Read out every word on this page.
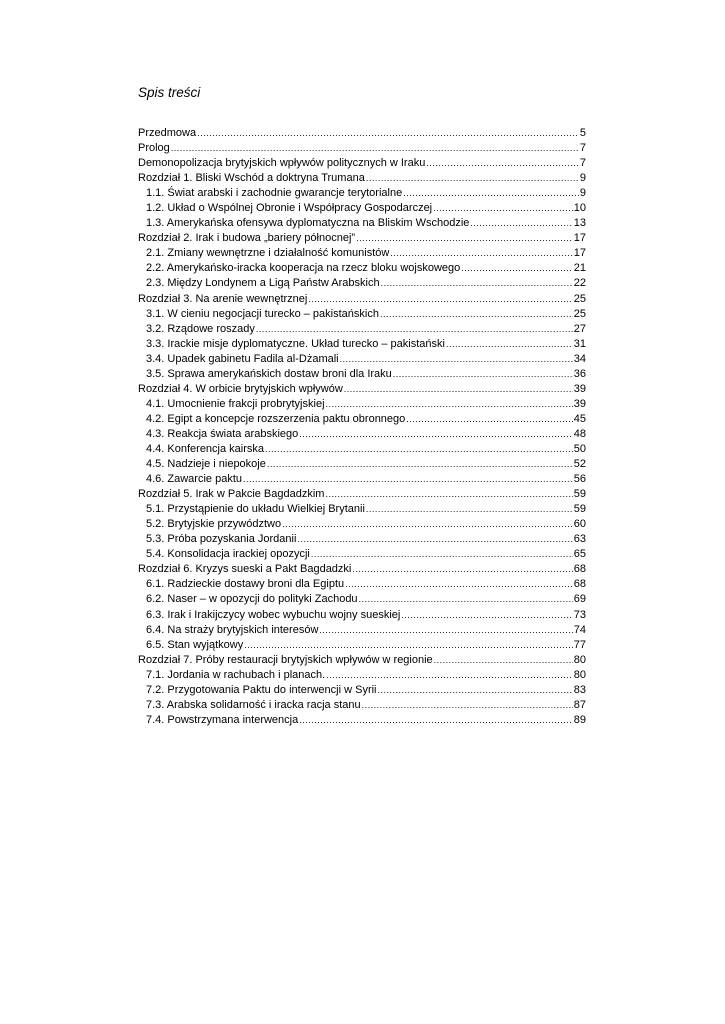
Spis treści
Przedmowa .....	5
Prolog .....	7
Demonopolizacja brytyjskich wpływów politycznych w Iraku .....	7
Rozdział 1. Bliski Wschód a doktryna Trumana .....	9
1.1. Świat arabski i zachodnie gwarancje terytorialne .....	9
1.2. Układ o Wspólnej Obronie i Współpracy Gospodarczej .....	10
1.3. Amerykańska ofensywa dyplomatyczna na Bliskim Wschodzie .....	13
Rozdział 2. Irak i budowa „bariery północnej” .....	17
2.1. Zmiany wewnętrzne i działalność komunistów .....	17
2.2. Amerykańsko-iracka kooperacja na rzecz bloku wojskowego .....	21
2.3. Między Londynem a Ligą Państw Arabskich .....	22
Rozdział 3. Na arenie wewnętrznej .....	25
3.1. W cieniu negocjacji turecko – pakistańskich .....	25
3.2. Rządowe roszady .....	27
3.3. Irackie misje dyplomatyczne. Układ turecko – pakistański .....	31
3.4. Upadek gabinetu Fadila al-Dżamali .....	34
3.5. Sprawa amerykańskich dostaw broni dla Iraku .....	36
Rozdział 4. W orbicie brytyjskich wpływów .....	39
4.1. Umocnienie frakcji probrytyjskiej .....	39
4.2. Egipt a koncepcje rozszerzenia paktu obronnego .....	45
4.3. Reakcja świata arabskiego .....	48
4.4. Konferencja kairska .....	50
4.5. Nadzieje i niepokoje .....	52
4.6. Zawarcie paktu .....	56
Rozdział 5. Irak w Pakcie Bagdadzkim .....	59
5.1. Przystąpienie do układu Wielkiej Brytanii .....	59
5.2. Brytyjskie przywództwo .....	60
5.3. Próba pozyskania Jordanii .....	63
5.4. Konsolidacja irackiej opozycji .....	65
Rozdział 6. Kryzys sueski a Pakt Bagdadzki .....	68
6.1. Radzieckie dostawy broni dla Egiptu .....	68
6.2. Naser – w opozycji do polityki Zachodu .....	69
6.3. Irak i Irakijczycy wobec wybuchu wojny sueskiej .....	73
6.4. Na straży brytyjskich interesów .....	74
6.5. Stan wyjątkowy .....	77
Rozdział 7. Próby restauracji brytyjskich wpływów w regionie .....	80
7.1. Jordania w rachubach i planach. .....	80
7.2. Przygotowania Paktu do interwencji w Syrii .....	83
7.3. Arabska solidarność i iracka racja stanu .....	87
7.4. Powstrzymana interwencja .....	89
